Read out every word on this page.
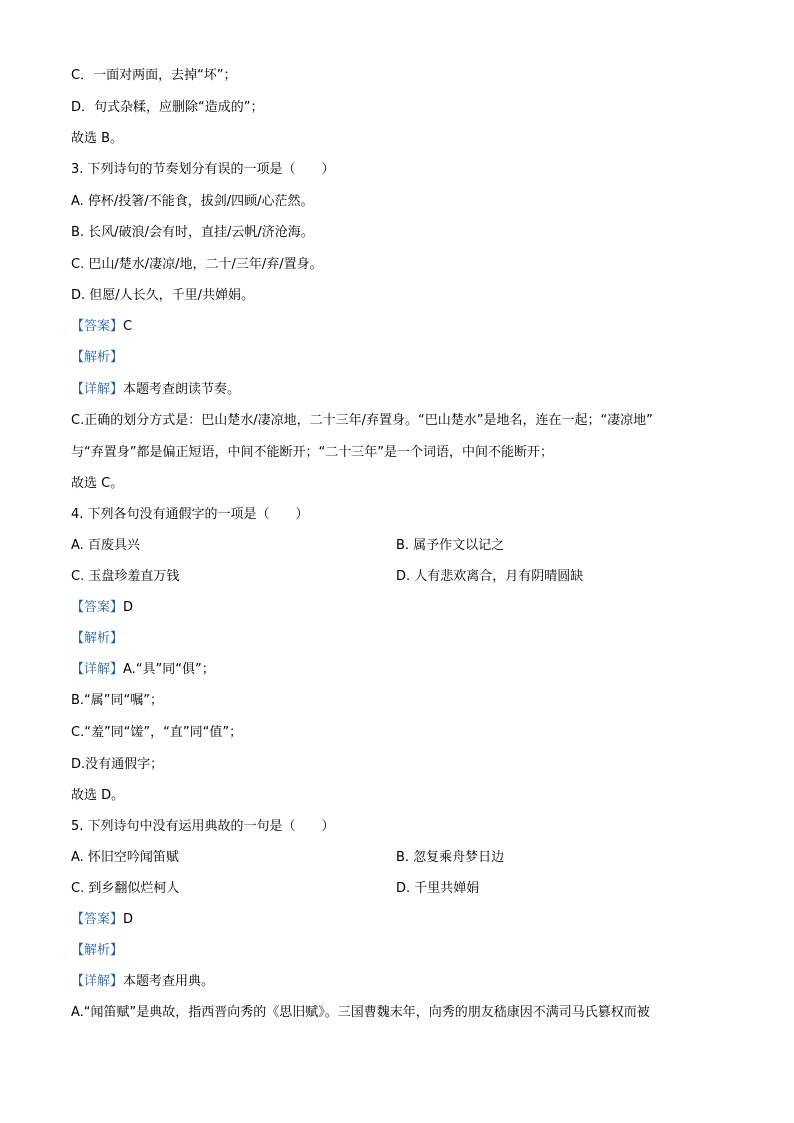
C．一面对两面，去掉“坏”；
D．句式杂糅，应删除“造成的”；
故选 B。
3. 下列诗句的节奏划分有误的一项是（　　）
A. 停杯/投箸/不能食，拔剑/四顾/心茫然。
B. 长风/破浪/会有时，直挂/云帆/济沧海。
C. 巴山/楚水/凄凉/地，二十/三年/弃/置身。
D. 但愿/人长久，千里/共婵娟。
【答案】C
【解析】
【详解】本题考查朗读节奏。
C.正确的划分方式是：巴山楚水/凄凉地，二十三年/弃置身。“巴山楚水”是地名，连在一起；“凄凉地”
与“弃置身”都是偏正短语，中间不能断开；“二十三年”是一个词语，中间不能断开；
故选 C。
4. 下列各句没有通假字的一项是（　　）
A. 百废具兴	B. 属予作文以记之
C. 玉盘珍羞直万钱	D. 人有悲欢离合，月有阴晴圆缺
【答案】D
【解析】
【详解】A.“具”同“俱”；
B.“属”同“嘱”；
C.“羞”同“馐”，“直”同“值”；
D.没有通假字；
故选 D。
5. 下列诗句中没有运用典故的一句是（　　）
A. 怀旧空吟闻笛赋	B. 忽复乘舟梦日边
C. 到乡翻似烂柯人	D. 千里共婵娟
【答案】D
【解析】
【详解】本题考查用典。
A.“闻笛赋”是典故，指西晋向秀的《思旧赋》。三国曹魏末年，向秀的朋友嵇康因不满司马氏篡权而被
